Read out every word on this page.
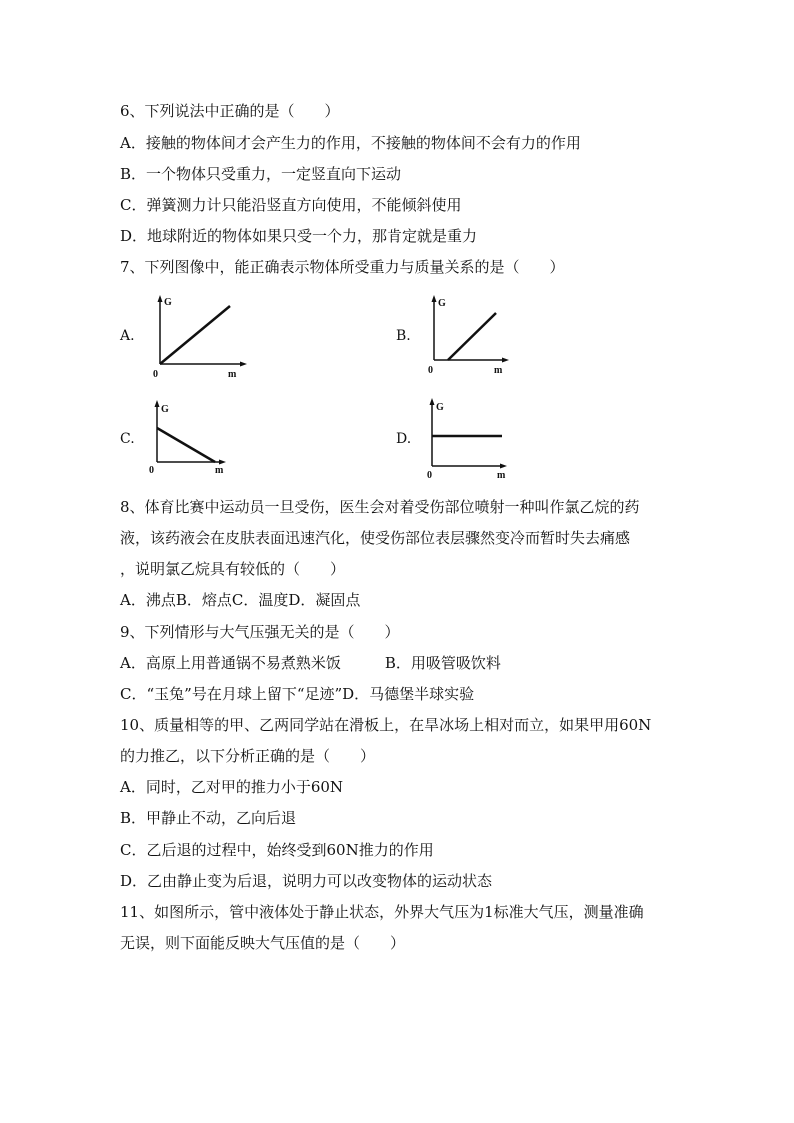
6、下列说法中正确的是（　　）
A．接触的物体间才会产生力的作用，不接触的物体间不会有力的作用
B．一个物体只受重力，一定竖直向下运动
C．弹簧测力计只能沿竖直方向使用，不能倾斜使用
D．地球附近的物体如果只受一个力，那肯定就是重力
7、下列图像中，能正确表示物体所受重力与质量关系的是（　　）
A.
G
0	m
B.
G
0	m
C.
G
0	m
D.
G
0	m
8、体育比赛中运动员一旦受伤，医生会对着受伤部位喷射一种叫作氯乙烷的药
液，该药液会在皮肤表面迅速汽化，使受伤部位表层骤然变冷而暂时失去痛感
，说明氯乙烷具有较低的（　　）
A．沸点B．熔点C．温度D．凝固点
9、下列情形与大气压强无关的是（　　）
A．高原上用普通锅不易煮熟米饭	B．用吸管吸饮料
C．“玉兔”号在月球上留下“足迹”D．马德堡半球实验
10、质量相等的甲、乙两同学站在滑板上，在旱冰场上相对而立，如果甲用60N
的力推乙，以下分析正确的是（　　）
A．同时，乙对甲的推力小于60N
B．甲静止不动，乙向后退
C．乙后退的过程中，始终受到60N推力的作用
D．乙由静止变为后退，说明力可以改变物体的运动状态
11、如图所示，管中液体处于静止状态，外界大气压为1标准大气压，测量准确
无误，则下面能反映大气压值的是（　　）
